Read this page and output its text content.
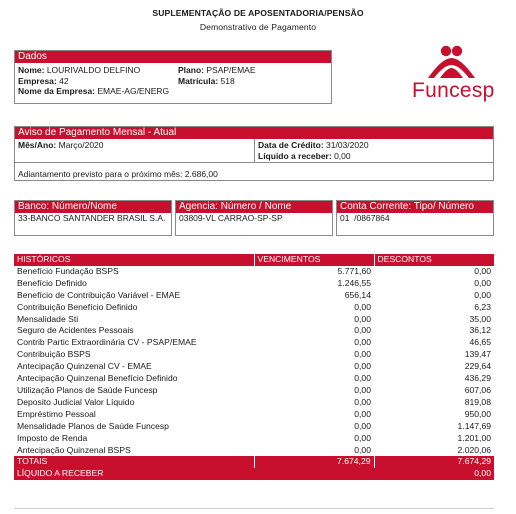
SUPLEMENTAÇÃO DE APOSENTADORIA/PENSÃO
Demonstrativo de Pagamento
Dados
Nome: LOURIVALDO DELFINO
Empresa: 42
Nome da Empresa: EMAE-AG/ENERG
Plano: PSAP/EMAE
Matrícula: 518	Funcesp
Aviso de Pagamento Mensal - Atual
Mês/Ano: Março/2020	Data de Crédito: 31/03/2020
Líquido a receber: 0,00
Adiantamento previsto para o próximo mês: 2.686,00
Banco: Número/Nome
33-BANCO SANTANDER BRASIL S.A.
Agencia: Número / Nome
03809-VL CARRAO-SP-SP
Conta Corrente: Tipo/ Número
01  /0867864
HISTÓRICOS	VENCIMENTOS	DESCONTOS
Benefício Fundação BSPS	5.771,60	0,00
Benefício Definido	1.246,55	0,00
Benefício de Contribuição Variável - EMAE	656,14	0,00
Contribuição Benefício Definido	0,00	6,23
Mensalidade Sti	0,00	35,00
Seguro de Acidentes Pessoais	0,00	36,12
Contrib Partic Extraordinária CV - PSAP/EMAE	0,00	46,65
Contribuição BSPS	0,00	139,47
Antecipação Quinzenal CV - EMAE	0,00	229,64
Antecipação Quinzenal Benefício Definido	0,00	436,29
Utilização Planos de Saúde Funcesp	0,00	607,06
Deposito Judicial Valor Líquido	0,00	819,08
Empréstimo Pessoal	0,00	950,00
Mensalidade Planos de Saúde Funcesp	0,00	1.147,69
Imposto de Renda	0,00	1.201,00
Antecipação Quinzenal BSPS	0,00	2.020,06
TOTAIS	7.674,29	7.674,29
LÍQUIDO A RECEBER		0,00
